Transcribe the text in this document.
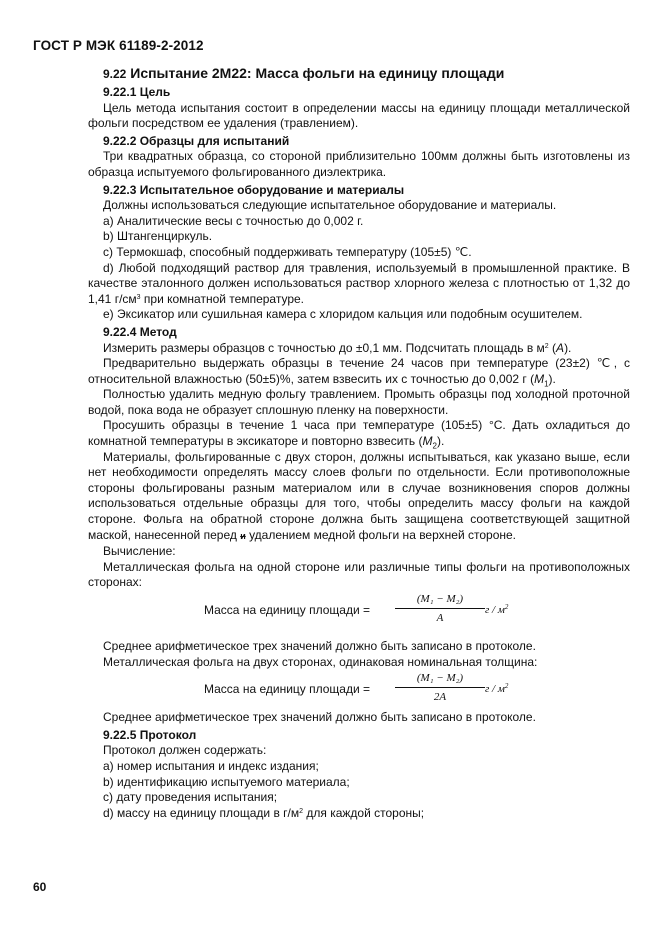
ГОСТ Р МЭК 61189-2-2012
9.22 Испытание 2М22: Масса фольги на единицу площади
9.22.1 Цель
Цель метода испытания состоит в определении массы на единицу площади металлической фольги посредством ее удаления (травлением).
9.22.2 Образцы для испытаний
Три квадратных образца, со стороной приблизительно 100мм должны быть изготовлены из образца испытуемого фольгированного диэлектрика.
9.22.3 Испытательное оборудование и материалы
Должны использоваться следующие испытательное оборудование и материалы.
a) Аналитические весы с точностью до 0,002 г.
b) Штангенциркуль.
c) Термокшаф, способный поддерживать температуру (105±5) ℃.
d) Любой подходящий раствор для травления, используемый в промышленной практике. В качестве эталонного должен использоваться раствор хлорного железа с плотностью от 1,32 до 1,41 $г/см^3$ при комнатной температуре.
e) Эксикатор или сушильная камера с хлоридом кальция или подобным осушителем.
9.22.4 Метод
Измерить размеры образцов с точностью до ±0,1 мм. Подсчитать площадь в $м^2$ (A).
Предварительно выдержать образцы в течение 24 часов при температуре (23±2) ℃, с относительной влажностью (50±5)%, затем взвесить их с точностью до 0,002 г $(M_1)$.
Полностью удалить медную фольгу травлением. Промыть образцы под холодной проточной водой, пока вода не образует сплошную пленку на поверхности.
Просушить образцы в течение 1 часа при температуре (105±5) °C. Дать охладиться до комнатной температуры в эксикаторе и повторно взвесить $(M_2)$.
Материалы, фольгированные с двух сторон, должны испытываться, как указано выше, если нет необходимости определять массу слоев фольги по отдельности. Если противоположные стороны фольгированы разным материалом или в случае возникновения споров должны использоваться отдельные образцы для того, чтобы определить массу фольги на каждой стороне. Фольга на обратной стороне должна быть защищена соответствующей защитной маской, нанесенной перед и удалением медной фольги на верхней стороне.
Вычисление:
Металлическая фольга на одной стороне или различные типы фольги на противоположных сторонах:
Масса на единицу площади = $\frac{\text{(M₁ − M₂)}}{A}$ г / $м^2$
Среднее арифметическое трех значений должно быть записано в протоколе.
Металлическая фольга на двух сторонах, одинаковая номинальная толщина:
Масса на единицу площади = $\frac{\text{(M₁ − M₂)}}{2A}$ г / $м^2$
Среднее арифметическое трех значений должно быть записано в протоколе.
9.22.5 Протокол
Протокол должен содержать:
a) номер испытания и индекс издания;
b) идентификацию испытуемого материала;
c) дату проведения испытания;
d) массу на единицу площади в $г/м^2$ для каждой стороны;
60
